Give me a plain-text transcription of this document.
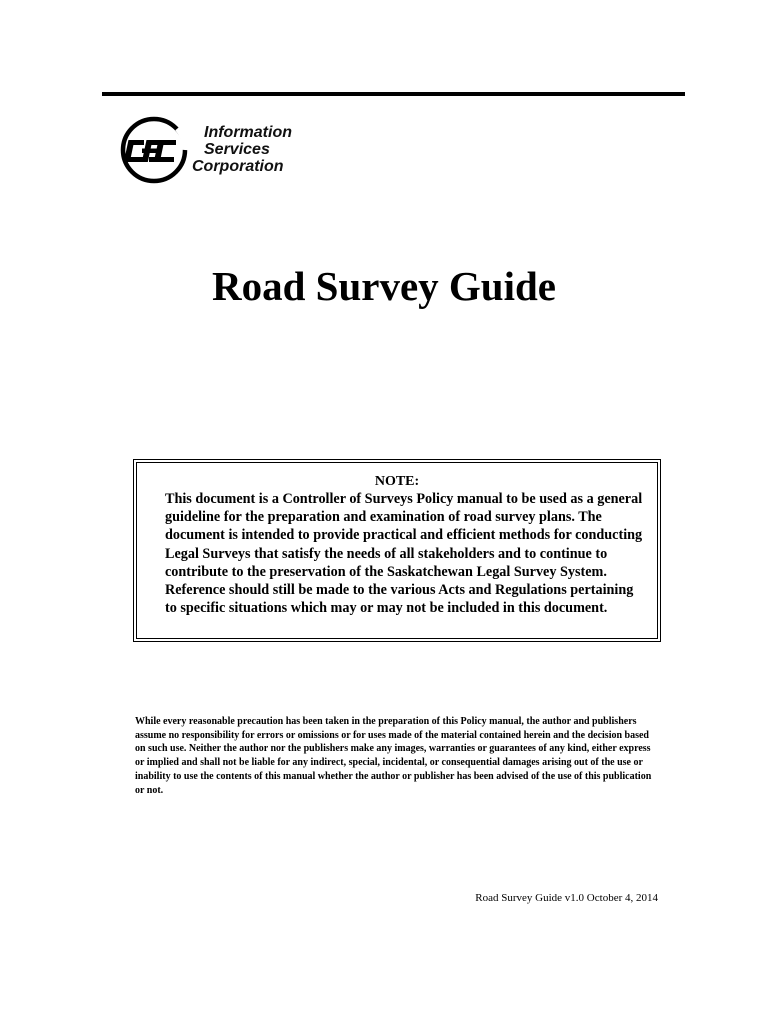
Information
Services
Corporation
Road Survey Guide
NOTE:

This document is a Controller of Surveys Policy manual to be used as a general guideline for the preparation and examination of road survey plans. The document is intended to provide practical and efficient methods for conducting Legal Surveys that satisfy the needs of all stakeholders and to continue to contribute to the preservation of the Saskatchewan Legal Survey System. Reference should still be made to the various Acts and Regulations pertaining to specific situations which may or may not be included in this document.

While every reasonable precaution has been taken in the preparation of this Policy manual, the author and publishers assume no responsibility for errors or omissions or for uses made of the material contained herein and the decision based on such use. Neither the author nor the publishers make any images, warranties or guarantees of any kind, either express or implied and shall not be liable for any indirect, special, incidental, or consequential damages arising out of the use or inability to use the contents of this manual whether the author or publisher has been advised of the use of this publication or not.

Road Survey Guide v1.0 October 4, 2014
